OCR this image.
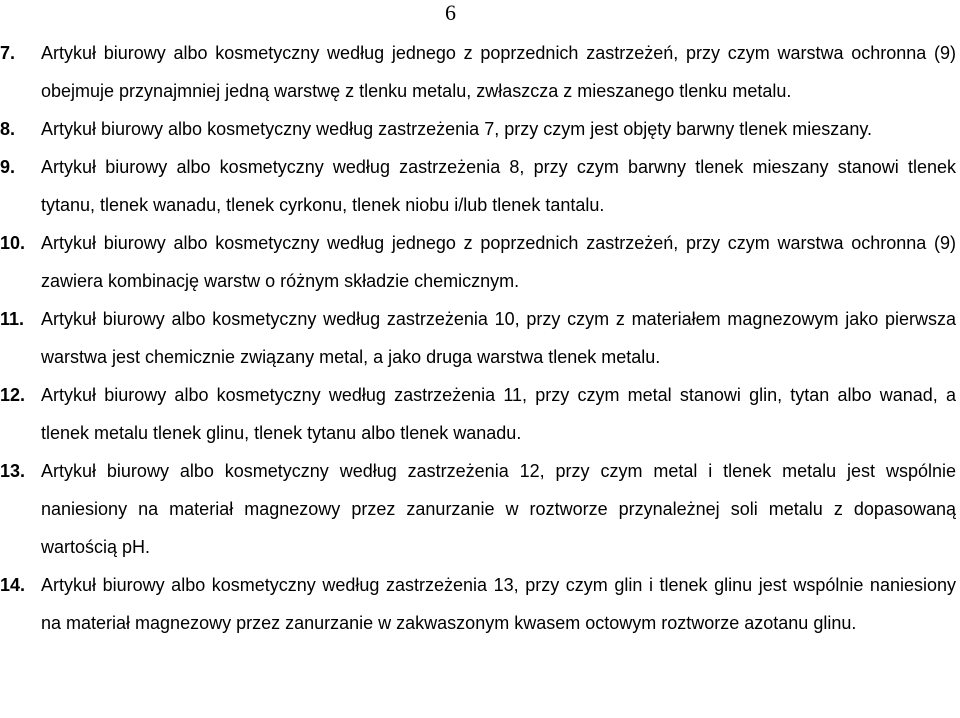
6
7. Artykuł biurowy albo kosmetyczny według jednego z poprzednich zastrzeżeń, przy czym warstwa ochronna (9) obejmuje przynajmniej jedną warstwę z tlenku metalu, zwłaszcza z mieszanego tlenku metalu.
8. Artykuł biurowy albo kosmetyczny według zastrzeżenia 7, przy czym jest objęty barwny tlenek mieszany.
9. Artykuł biurowy albo kosmetyczny według zastrzeżenia 8, przy czym barwny tlenek mieszany stanowi tlenek tytanu, tlenek wanadu, tlenek cyrkonu, tlenek niobu i/lub tlenek tantalu.
10. Artykuł biurowy albo kosmetyczny według jednego z poprzednich zastrzeżeń, przy czym warstwa ochronna (9) zawiera kombinację warstw o różnym składzie chemicznym.
11. Artykuł biurowy albo kosmetyczny według zastrzeżenia 10, przy czym z materiałem magnezowym jako pierwsza warstwa jest chemicznie związany metal, a jako druga warstwa tlenek metalu.
12. Artykuł biurowy albo kosmetyczny według zastrzeżenia 11, przy czym metal stanowi glin, tytan albo wanad, a tlenek metalu tlenek glinu, tlenek tytanu albo tlenek wanadu.
13. Artykuł biurowy albo kosmetyczny według zastrzeżenia 12, przy czym metal i tlenek metalu jest wspólnie naniesiony na materiał magnezowy przez zanurzanie w roztworze przynależnej soli metalu z dopasowaną wartością pH.
14. Artykuł biurowy albo kosmetyczny według zastrzeżenia 13, przy czym glin i tlenek glinu jest wspólnie naniesiony na materiał magnezowy przez zanurzanie w zakwaszonym kwasem octowym roztworze azotanu glinu.
